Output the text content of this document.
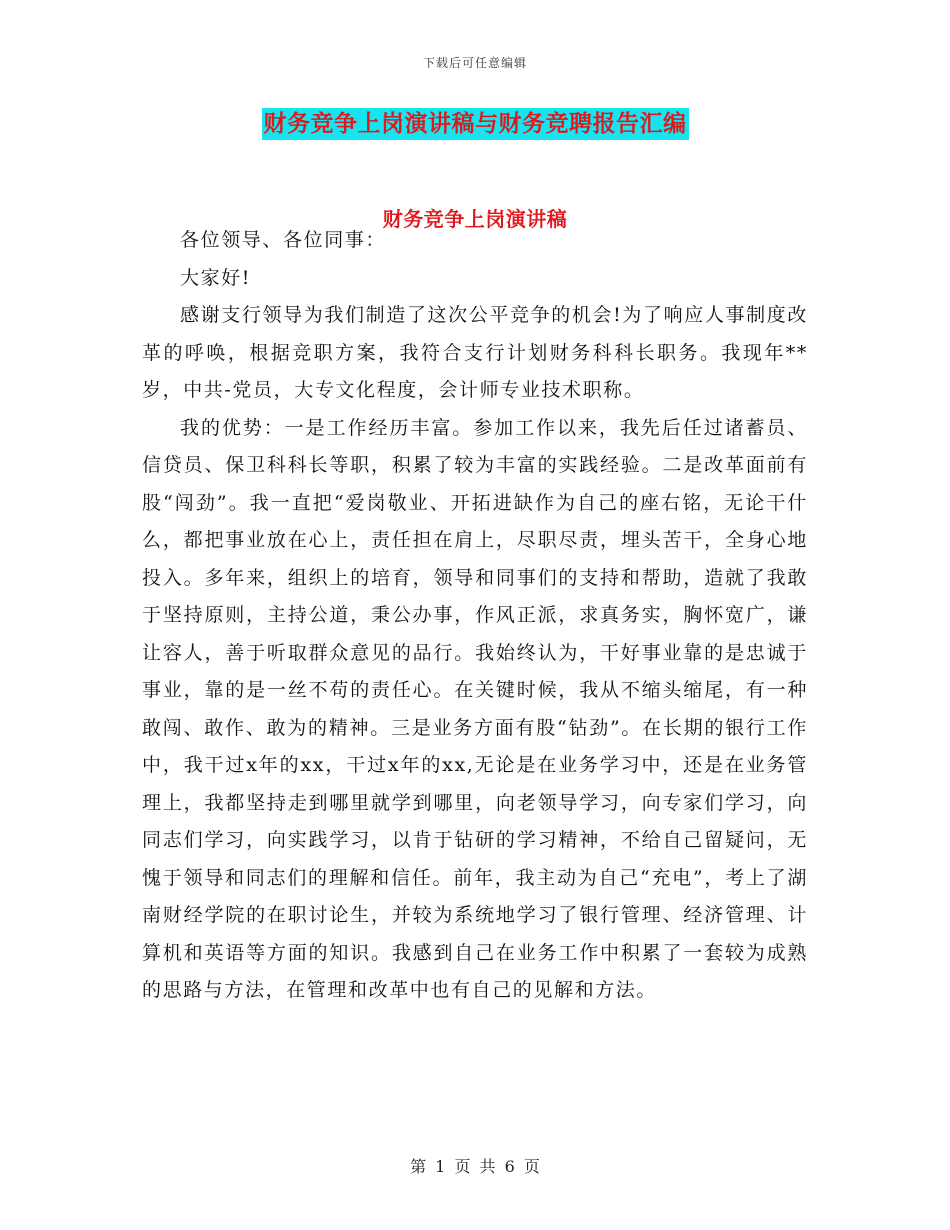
下载后可任意编辑
财务竞争上岗演讲稿与财务竞聘报告汇编
财务竞争上岗演讲稿

各位领导、各位同事：

大家好!

感谢支行领导为我们制造了这次公平竞争的机会!为了响应人事制度改革的呼唤，根据竞职方案，我符合支行计划财务科科长职务。我现年**岁，中共-党员，大专文化程度，会计师专业技术职称。

我的优势：一是工作经历丰富。参加工作以来，我先后任过诸蓄员、信贷员、保卫科科长等职，积累了较为丰富的实践经验。二是改革面前有股“闯劲”。我一直把“爱岗敬业、开拓进缺作为自己的座右铭，无论干什么，都把事业放在心上，责任担在肩上，尽职尽责，埋头苦干，全身心地投入。多年来，组织上的培育，领导和同事们的支持和帮助，造就了我敢于坚持原则，主持公道，秉公办事，作风正派，求真务实，胸怀宽广，谦让容人，善于听取群众意见的品行。我始终认为，干好事业靠的是忠诚于事业，靠的是一丝不苟的责任心。在关键时候，我从不缩头缩尾，有一种敢闯、敢作、敢为的精神。三是业务方面有股“钻劲”。在长期的银行工作中，我干过x年的xx，干过x年的xx,无论是在业务学习中，还是在业务管理上，我都坚持走到哪里就学到哪里，向老领导学习，向专家们学习，向同志们学习，向实践学习，以肯于钻研的学习精神，不给自己留疑问，无愧于领导和同志们的理解和信任。前年，我主动为自己“充电”，考上了湖南财经学院的在职讨论生，并较为系统地学习了银行管理、经济管理、计算机和英语等方面的知识。我感到自己在业务工作中积累了一套较为成熟的思路与方法，在管理和改革中也有自己的见解和方法。

第 1 页 共 6 页
